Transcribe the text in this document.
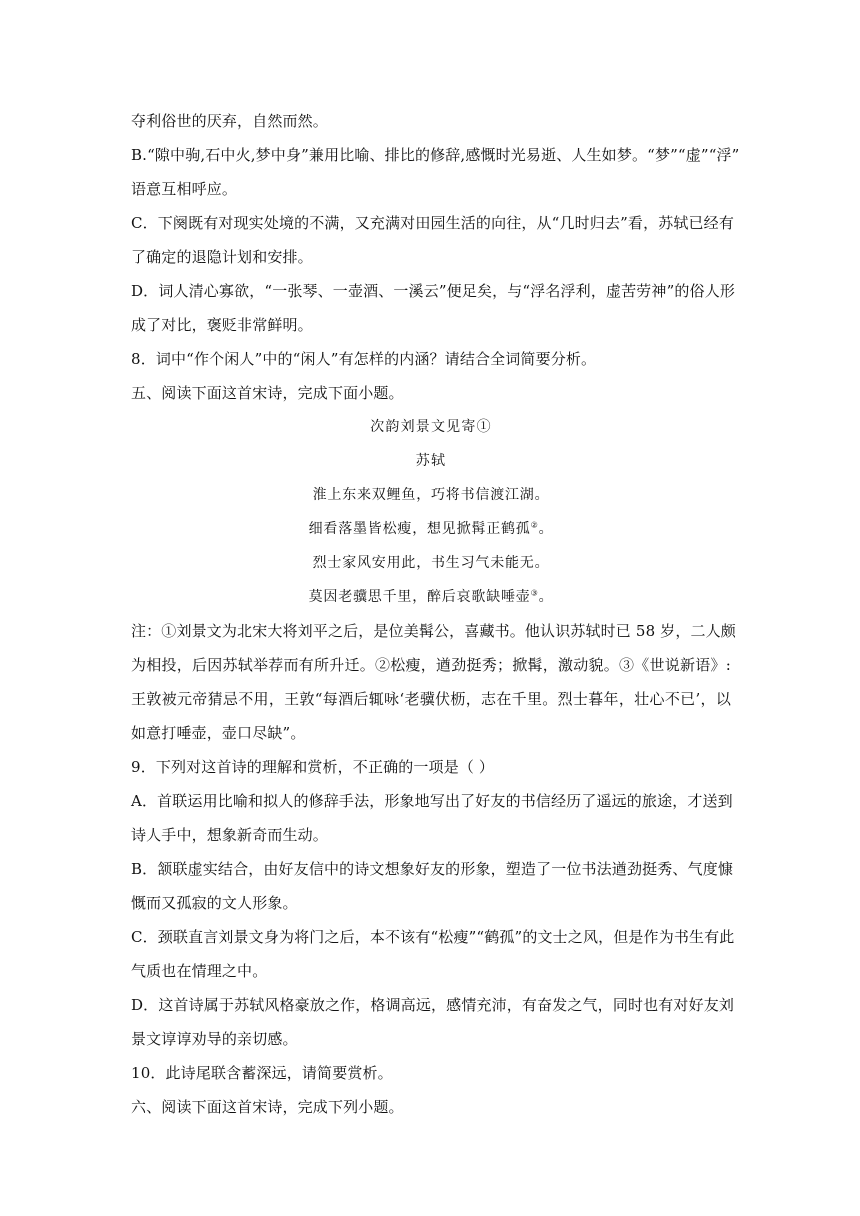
夺利俗世的厌弃，自然而然。
B.“隙中驹,石中火,梦中身”兼用比喻、排比的修辞,感慨时光易逝、人生如梦。“梦”“虚”“浮”
语意互相呼应。
C．下阕既有对现实处境的不满，又充满对田园生活的向往，从“几时归去”看，苏轼已经有
了确定的退隐计划和安排。
D．词人清心寡欲，“一张琴、一壶酒、一溪云”便足矣，与“浮名浮利，虚苦劳神”的俗人形
成了对比，褒贬非常鲜明。
8．词中“作个闲人”中的“闲人”有怎样的内涵？请结合全词简要分析。
五、阅读下面这首宋诗，完成下面小题。
次韵刘景文见寄①
苏轼
淮上东来双鲤鱼，巧将书信渡江湖。
细看落墨皆松瘦，想见掀髯正鹤孤②。
烈士家风安用此，书生习气未能无。
莫因老骥思千里，醉后哀歌缺唾壶③。
注：①刘景文为北宋大将刘平之后，是位美髯公，喜藏书。他认识苏轼时已 58 岁，二人颇
为相投，后因苏轼举荐而有所升迁。②松瘦，遒劲挺秀；掀髯，激动貌。③《世说新语》:
王敦被元帝猜忌不用，王敦“每酒后辄咏‘老骥伏枥，志在千里。烈士暮年，壮心不已’，以
如意打唾壶，壶口尽缺”。
9．下列对这首诗的理解和赏析，不正确的一项是（ ）
A．首联运用比喻和拟人的修辞手法，形象地写出了好友的书信经历了遥远的旅途，才送到
诗人手中，想象新奇而生动。
B．颔联虚实结合，由好友信中的诗文想象好友的形象，塑造了一位书法遒劲挺秀、气度慷
慨而又孤寂的文人形象。
C．颈联直言刘景文身为将门之后，本不该有“松瘦”“鹤孤”的文士之风，但是作为书生有此
气质也在情理之中。
D．这首诗属于苏轼风格豪放之作，格调高远，感情充沛，有奋发之气，同时也有对好友刘
景文谆谆劝导的亲切感。
10．此诗尾联含蓄深远，请简要赏析。
六、阅读下面这首宋诗，完成下列小题。
